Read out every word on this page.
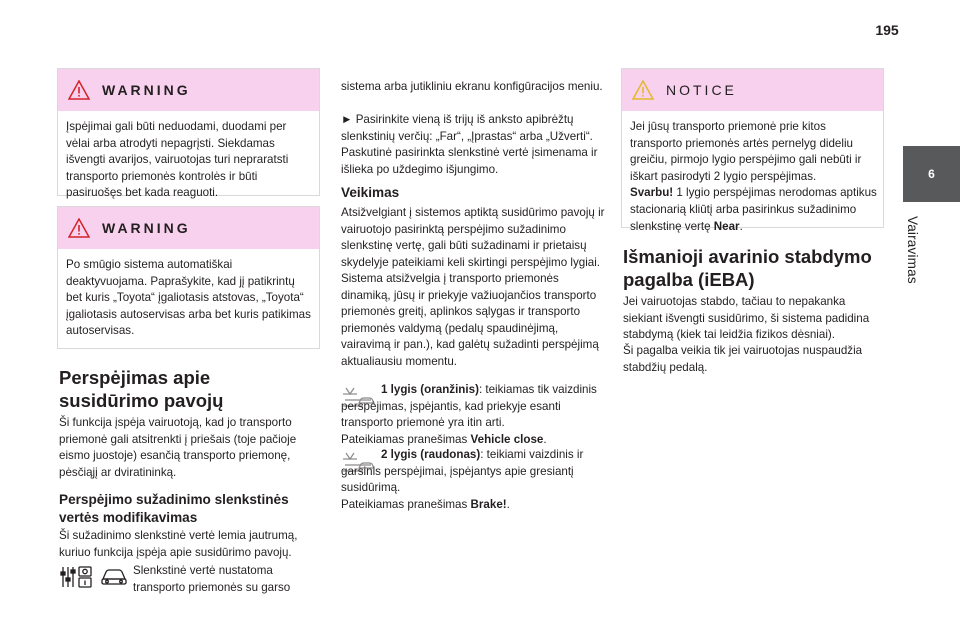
195
6
Vairavimas
WARNING
Įspėjimai gali būti neduodami, duodami per vėlai arba atrodyti nepagrįsti. Siekdamas išvengti avarijos, vairuotojas turi nepraratsti transporto priemonės kontrolės ir būti pasiruošęs bet kada reaguoti.
WARNING
Po smūgio sistema automatiškai deaktyvuojama. Paprašykite, kad jį patikrintų bet kuris „Toyota“ įgaliotasis atstovas, „Toyota“ įgaliotasis autoservisas arba bet kuris patikimas autoservisas.
Perspėjimas apie susidūrimo pavojų
Ši funkcija įspėja vairuotoją, kad jo transporto priemonė gali atsitrenkti į priešais (toje pačioje eismo juostoje) esančią transporto priemonę, pėsčiąjį ar dviratininką.
Perspėjimo sužadinimo slenkstinės vertės modifikavimas
Ši sužadinimo slenkstinė vertė lemia jautrumą, kuriuo funkcija įspėja apie susidūrimo pavojų.
Slenkstinė vertė nustatoma transporto priemonės su garso
sistema arba jutikliniu ekranu konfigūracijos meniu.
► Pasirinkite vieną iš trijų iš anksto apibrėžtų slenkstinių verčių: „Far“, „Įprastas“ arba „Užverti“.
Paskutinė pasirinkta slenkstinė vertė įsimenama ir išlieka po uždegimo išjungimo.
Veikimas
Atsižvelgiant į sistemos aptiktą susidūrimo pavojų ir vairuotojo pasirinktą perspėjimo sužadinimo slenkstinę vertę, gali būti sužadinami ir prietaisų skydelyje pateikiami keli skirtingi perspėjimo lygiai.
Sistema atsižvelgia į transporto priemonės dinamiką, jūsų ir priekyje važiuojančios transporto priemonės greitį, aplinkos sąlygas ir transporto priemonės valdymą (pedalų spaudinėjimą, vairavimą ir pan.), kad galėtų sužadinti perspėjimą aktualiausiu momentu.
1 lygis (oranžinis): teikiamas tik vaizdinis perspėjimas, įspėjantis, kad priekyje esanti transporto priemonė yra itin arti.
Pateikiamas pranešimas Vehicle close.
2 lygis (raudonas): teikiami vaizdinis ir garsinis perspėjimai, įspėjantys apie gresiantį susidūrimą.
Pateikiamas pranešimas Brake!.
NOTICE

Jei jūsų transporto priemonė prie kitos transporto priemonės artės pernelyg dideliu greičiu, pirmojo lygio perspėjimo gali nebūti ir iškart pasirodyti 2 lygio perspėjimas.

Svarbu! 1 lygio perspėjimas nerodomas aptikus stacionarią kliūtį arba pasirinkus sužadinimo slenkstinę vertę Near.

Išmanioji avarinio stabdymo pagalba (iEBA)
Jei vairuotojas stabdo, tačiau to nepakanka siekiant išvengti susidūrimo, ši sistema padidina stabdymą (kiek tai leidžia fizikos dėsniai).
Ši pagalba veikia tik jei vairuotojas nuspaudžia stabdžių pedalą.
